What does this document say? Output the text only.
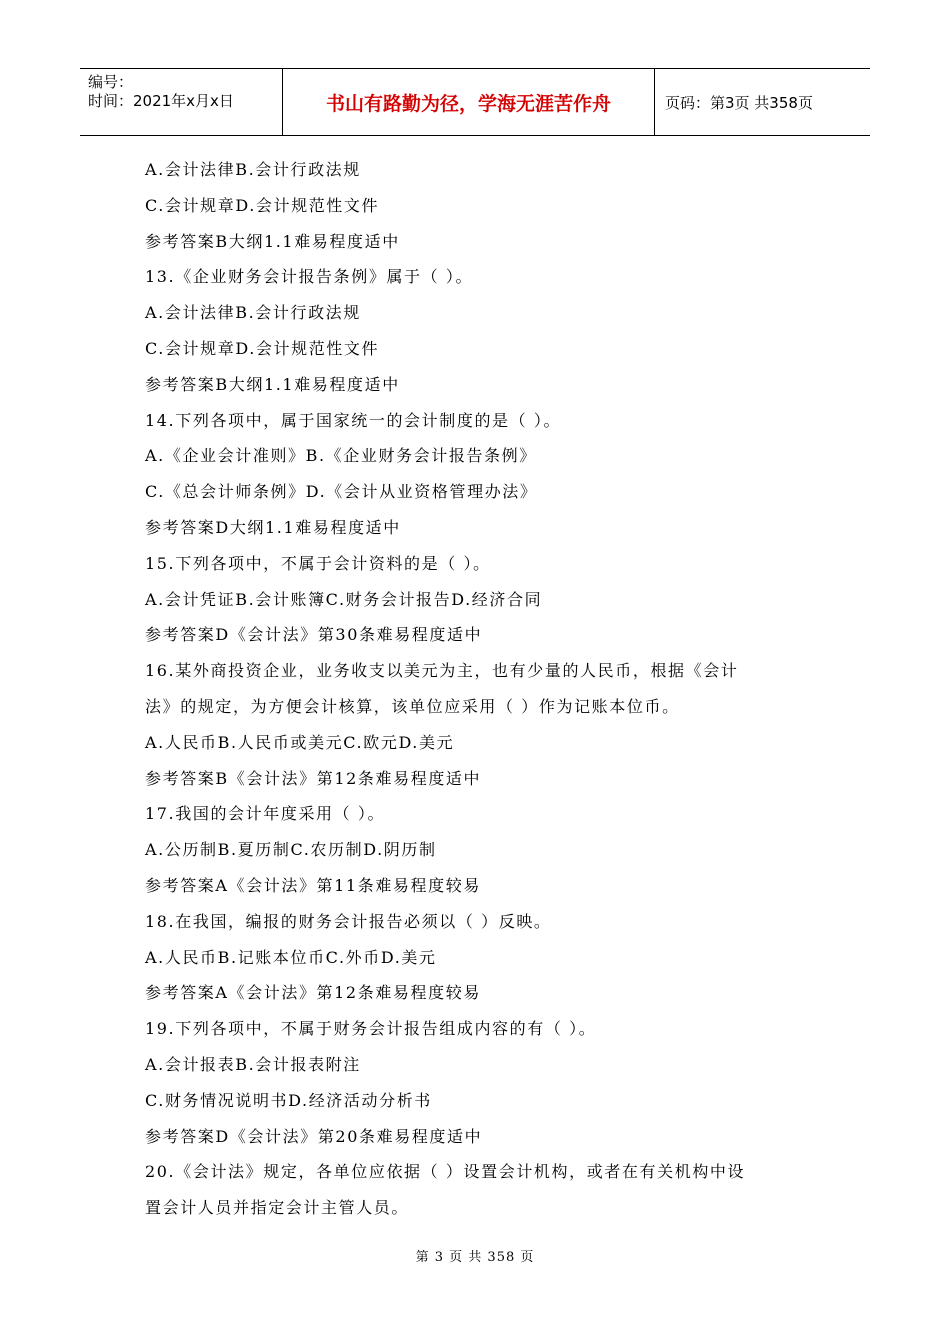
编号：
时间：2021年x月x日	书山有路勤为径，学海无涯苦作舟	页码：第3页 共358页

A.会计法律B.会计行政法规

C.会计规章D.会计规范性文件

参考答案B大纲1.1难易程度适中

13.《企业财务会计报告条例》属于（ ）。

A.会计法律B.会计行政法规

C.会计规章D.会计规范性文件

参考答案B大纲1.1难易程度适中

14.下列各项中，属于国家统一的会计制度的是（ ）。

A.《企业会计准则》B.《企业财务会计报告条例》

C.《总会计师条例》D.《会计从业资格管理办法》

参考答案D大纲1.1难易程度适中

15.下列各项中，不属于会计资料的是（ ）。

A.会计凭证B.会计账簿C.财务会计报告D.经济合同

参考答案D《会计法》第30条难易程度适中

16.某外商投资企业，业务收支以美元为主，也有少量的人民币，根据《会计

法》的规定，为方便会计核算，该单位应采用（ ）作为记账本位币。

A.人民币B.人民币或美元C.欧元D.美元

参考答案B《会计法》第12条难易程度适中

17.我国的会计年度采用（ ）。

A.公历制B.夏历制C.农历制D.阴历制

参考答案A《会计法》第11条难易程度较易

18.在我国，编报的财务会计报告必须以（ ）反映。

A.人民币B.记账本位币C.外币D.美元

参考答案A《会计法》第12条难易程度较易

19.下列各项中，不属于财务会计报告组成内容的有（ ）。

A.会计报表B.会计报表附注

C.财务情况说明书D.经济活动分析书

参考答案D《会计法》第20条难易程度适中

20.《会计法》规定，各单位应依据（ ）设置会计机构，或者在有关机构中设

置会计人员并指定会计主管人员。

第 3 页 共 358 页
